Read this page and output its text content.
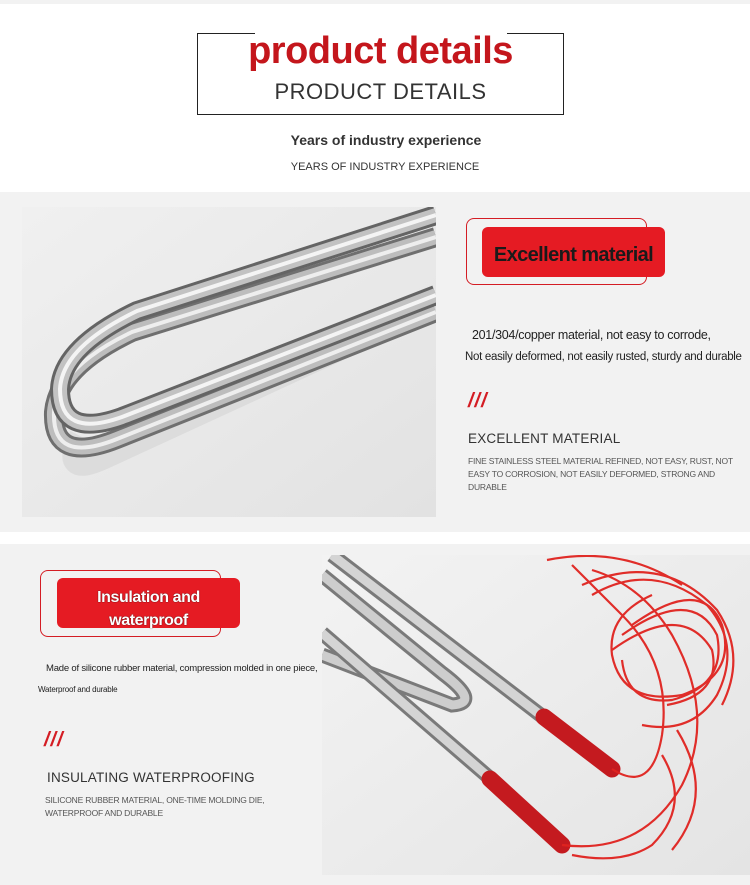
product details
PRODUCT DETAILS
Years of industry experience
YEARS OF INDUSTRY EXPERIENCE
Excellent material
201/304/copper material, not easy to corrode,
Not easily deformed, not easily rusted, sturdy and durable
///
EXCELLENT MATERIAL
FINE STAINLESS STEEL MATERIAL REFINED, NOT EASY, RUST, NOT EASY TO CORROSION, NOT EASILY DEFORMED, STRONG AND DURABLE
Insulation and
waterproof
Made of silicone rubber material, compression molded in one piece,
Waterproof and durable
///
INSULATING WATERPROOFING
SILICONE RUBBER MATERIAL, ONE-TIME MOLDING DIE, WATERPROOF AND DURABLE
